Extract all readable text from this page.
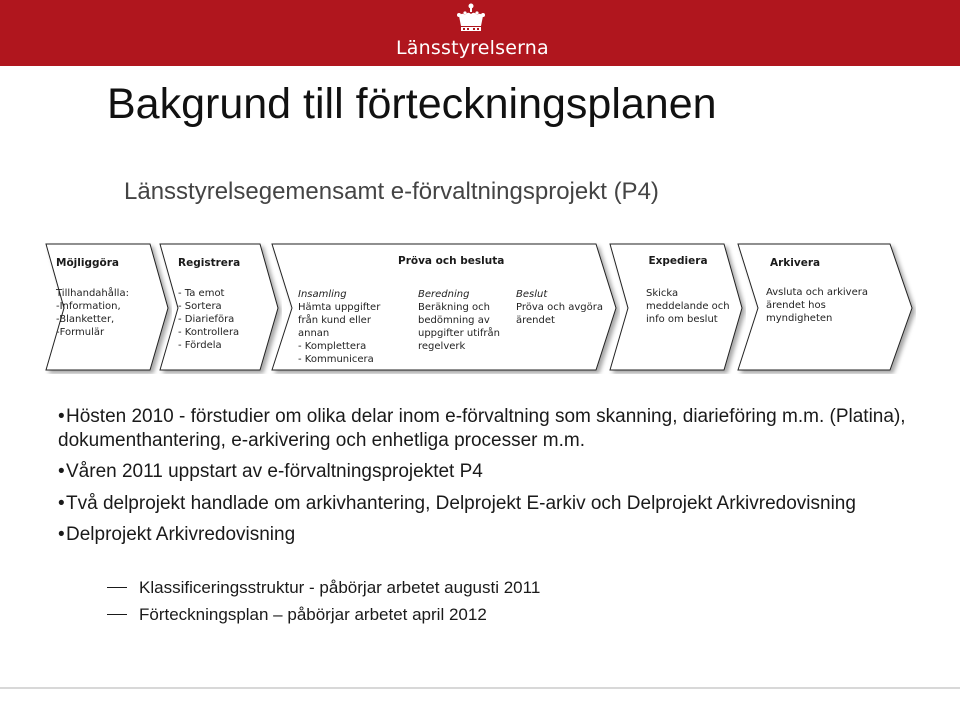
Länsstyrelserna
Bakgrund till förteckningsplanen
Länsstyrelsegemensamt e-förvaltningsprojekt (P4)
Möjliggöra
Tillhandahålla:
-Information,
-Blanketter,
-Formulär
Registrera
- Ta emot
- Sortera
- Diarieföra
- Kontrollera
- Fördela
Pröva och besluta
Insamling
Hämta uppgifter
från kund eller
annan
- Komplettera
- Kommunicera
Beredning
Beräkning och
bedömning av
uppgifter utifrån
regelverk
Beslut
Pröva och avgöra
ärendet
Expediera
Skicka
meddelande och
info om beslut
Arkivera
Avsluta och arkivera
ärendet hos
myndigheten
•Hösten 2010 - förstudier om olika delar inom e-förvaltning som skanning, diarieföring m.m. (Platina), dokumenthantering, e-arkivering och enhetliga processer m.m.
•Våren 2011 uppstart av e-förvaltningsprojektet P4
•Två delprojekt handlade om arkivhantering, Delprojekt E-arkiv och Delprojekt Arkivredovisning
•Delprojekt Arkivredovisning
Klassificeringsstruktur - påbörjar arbetet augusti 2011
Förteckningsplan – påbörjar arbetet april 2012
